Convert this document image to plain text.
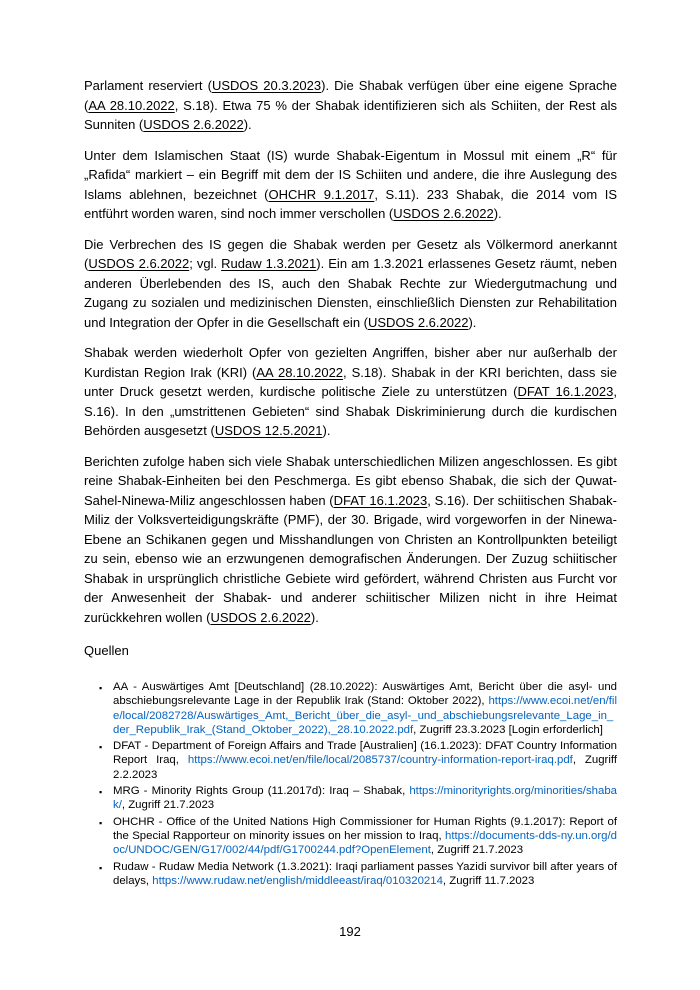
Parlament reserviert (USDOS 20.3.2023). Die Shabak verfügen über eine eigene Sprache (AA 28.10.2022, S.18). Etwa 75 % der Shabak identifizieren sich als Schiiten, der Rest als Sunniten (USDOS 2.6.2022).

Unter dem Islamischen Staat (IS) wurde Shabak-Eigentum in Mossul mit einem „R“ für „Rafida“ markiert – ein Begriff mit dem der IS Schiiten und andere, die ihre Auslegung des Islams ablehnen, bezeichnet (OHCHR 9.1.2017, S.11). 233 Shabak, die 2014 vom IS entführt worden waren, sind noch immer verschollen (USDOS 2.6.2022).

Die Verbrechen des IS gegen die Shabak werden per Gesetz als Völkermord anerkannt (USDOS 2.6.2022; vgl. Rudaw 1.3.2021). Ein am 1.3.2021 erlassenes Gesetz räumt, neben anderen Überlebenden des IS, auch den Shabak Rechte zur Wiedergutmachung und Zugang zu sozialen und medizinischen Diensten, einschließlich Diensten zur Rehabilitation und Integration der Opfer in die Gesellschaft ein (USDOS 2.6.2022).

Shabak werden wiederholt Opfer von gezielten Angriffen, bisher aber nur außerhalb der Kurdistan Region Irak (KRI) (AA 28.10.2022, S.18). Shabak in der KRI berichten, dass sie unter Druck gesetzt werden, kurdische politische Ziele zu unterstützen (DFAT 16.1.2023, S.16). In den „umstrittenen Gebieten“ sind Shabak Diskriminierung durch die kurdischen Behörden ausgesetzt (USDOS 12.5.2021).

Berichten zufolge haben sich viele Shabak unterschiedlichen Milizen angeschlossen. Es gibt reine Shabak-Einheiten bei den Peschmerga. Es gibt ebenso Shabak, die sich der Quwat-Sahel-Ninewa-Miliz angeschlossen haben (DFAT 16.1.2023, S.16). Der schiitischen Shabak-Miliz der Volksverteidigungskräfte (PMF), der 30. Brigade, wird vorgeworfen in der Ninewa-Ebene an Schikanen gegen und Misshandlungen von Christen an Kontrollpunkten beteiligt zu sein, ebenso wie an erzwungenen demografischen Änderungen. Der Zuzug schiitischer Shabak in ursprünglich christliche Gebiete wird gefördert, während Christen aus Furcht vor der Anwesenheit der Shabak- und anderer schiitischer Milizen nicht in ihre Heimat zurückkehren wollen (USDOS 2.6.2022).

Quellen

▪ AA - Auswärtiges Amt [Deutschland] (28.10.2022): Auswärtiges Amt, Bericht über die asyl- und abschiebungsrelevante Lage in der Republik Irak (Stand: Oktober 2022), https://www.ecoi.net/en/file/local/2082728/Auswärtiges_Amt,_Bericht_über_die_asyl-_und_abschiebungsrelevante_Lage_in_der_Republik_Irak_(Stand_Oktober_2022),_28.10.2022.pdf, Zugriff 23.3.2023 [Login erforderlich]
▪ DFAT - Department of Foreign Affairs and Trade [Australien] (16.1.2023): DFAT Country Information Report Iraq, https://www.ecoi.net/en/file/local/2085737/country-information-report-iraq.pdf, Zugriff 2.2.2023
▪ MRG - Minority Rights Group (11.2017d): Iraq – Shabak, https://minorityrights.org/minorities/shabak/, Zugriff 21.7.2023
▪ OHCHR - Office of the United Nations High Commissioner for Human Rights (9.1.2017): Report of the Special Rapporteur on minority issues on her mission to Iraq, https://documents-dds-ny.un.org/doc/UNDOC/GEN/G17/002/44/pdf/G1700244.pdf?OpenElement, Zugriff 21.7.2023
▪ Rudaw - Rudaw Media Network (1.3.2021): Iraqi parliament passes Yazidi survivor bill after years of delays, https://www.rudaw.net/english/middleeast/iraq/010320214, Zugriff 11.7.2023
192
